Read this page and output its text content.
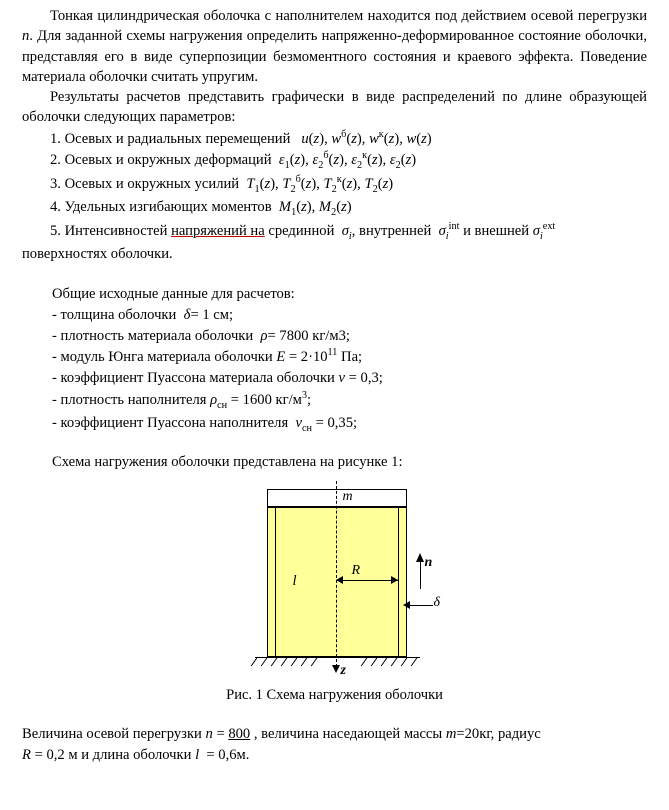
Тонкая цилиндрическая оболочка с наполнителем находится под действием осевой перегрузки n. Для заданной схемы нагружения определить напряженно-деформированное состояние оболочки, представляя его в виде суперпозиции безмоментного состояния и краевого эффекта. Поведение материала оболочки считать упругим.

Результаты расчетов представить графически в виде распределений по длине образующей оболочки следующих параметров:

1. Осевых и радиальных перемещений u(z), $w^б(z)$, $w^к(z)$, w(z)

2. Осевых и окружных деформаций $\varepsilon_1(z)$, $\varepsilon_2^б(z)$, $\varepsilon_2^к(z)$, $\varepsilon_2(z)$

3. Осевых и окружных усилий $T_1(z)$, $T_2^б(z)$, $T_2^к(z)$, $T_2(z)$

4. Удельных изгибающих моментов $M_1(z)$, $M_2(z)$

5. Интенсивностей напряжений на срединной  $\sigma_i$, внутренней $\sigma_i^{int}$ и внешней $\sigma_i^{ext}$
поверхностях оболочки.

Общие исходные данные для расчетов:

- толщина оболочки  δ= 1 см;

- плотность материала оболочки  ρ= 7800 кг/м3;

- модуль Юнга материала оболочки $E = 2\cdot 10^{11}$ Па;

- коэффициент Пуассона материала оболочки ν = 0,3;

- плотность наполнителя $\rho_{сн} = 1600$ $кг/м^3$;

- коэффициент Пуассона наполнителя  $\nu_{сн} = 0,35$;

Схема нагружения оболочки представлена на рисунке 1:
m
z
R
l
n
δ
Рис. 1 Схема нагружения оболочки

Величина осевой перегрузки n = 800 , величина наседающей массы m=20кг, радиус

R = 0,2 м и длина оболочки l  = 0,6м.
